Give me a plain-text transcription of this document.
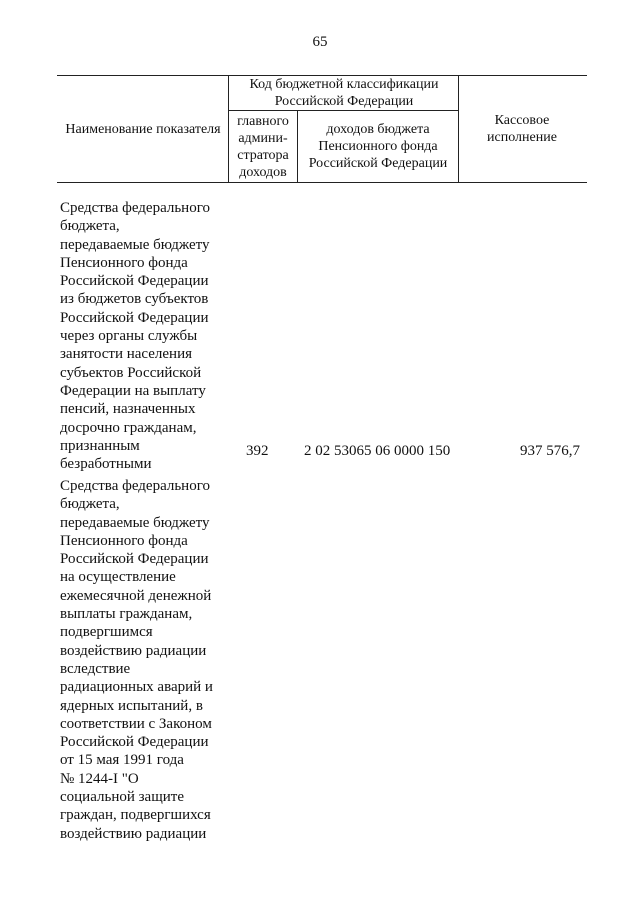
65
Наименование показателя
Код бюджетной классификации Российской Федерации
главного
админи-
стратора
доходов
доходов бюджета Пенсионного фонда Российской Федерации
Кассовое исполнение
Средства федерального
бюджета,
передаваемые бюджету
Пенсионного фонда
Российской Федерации
из бюджетов субъектов
Российской Федерации
через органы службы
занятости населения
субъектов Российской
Федерации на выплату
пенсий, назначенных
досрочно гражданам,
признанным
безработными
392 2 02 53065 06 0000 150	937 576,7
Средства федерального
бюджета,
передаваемые бюджету
Пенсионного фонда
Российской Федерации
на осуществление
ежемесячной денежной
выплаты гражданам,
подвергшимся
воздействию радиации
вследствие
радиационных аварий и
ядерных испытаний, в
соответствии с Законом
Российской Федерации
от 15 мая 1991 года
№ 1244-I "О
социальной защите
граждан, подвергшихся
воздействию радиации
